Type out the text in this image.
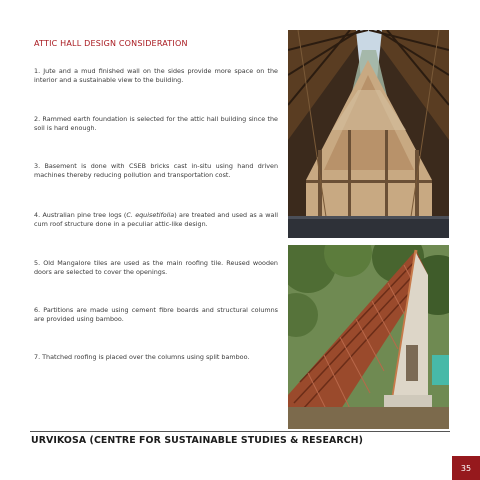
ATTIC HALL DESIGN CONSIDERATION

1. Jute and a mud finished wall on the sides provide more space on the interior and a sustainable view to the building.

2. Rammed earth foundation is selected for the attic hall building since the soil is hard enough.

3. Basement is done with CSEB bricks cast in-situ using hand driven machines thereby reducing pollution and transportation cost.

4. Australian pine tree logs (C. equisetifolia) are treated and used as a wall cum roof structure done in a peculiar attic-like design.

5. Old Mangalore tiles are used as the main roofing tile. Reused wooden doors are selected to cover the openings.

6. Partitions are made using cement fibre boards and structural columns are provided using bamboo.

7. Thatched roofing is placed over the columns using split bamboo.

URVIKOSA (CENTRE FOR SUSTAINABLE STUDIES & RESEARCH)
35
